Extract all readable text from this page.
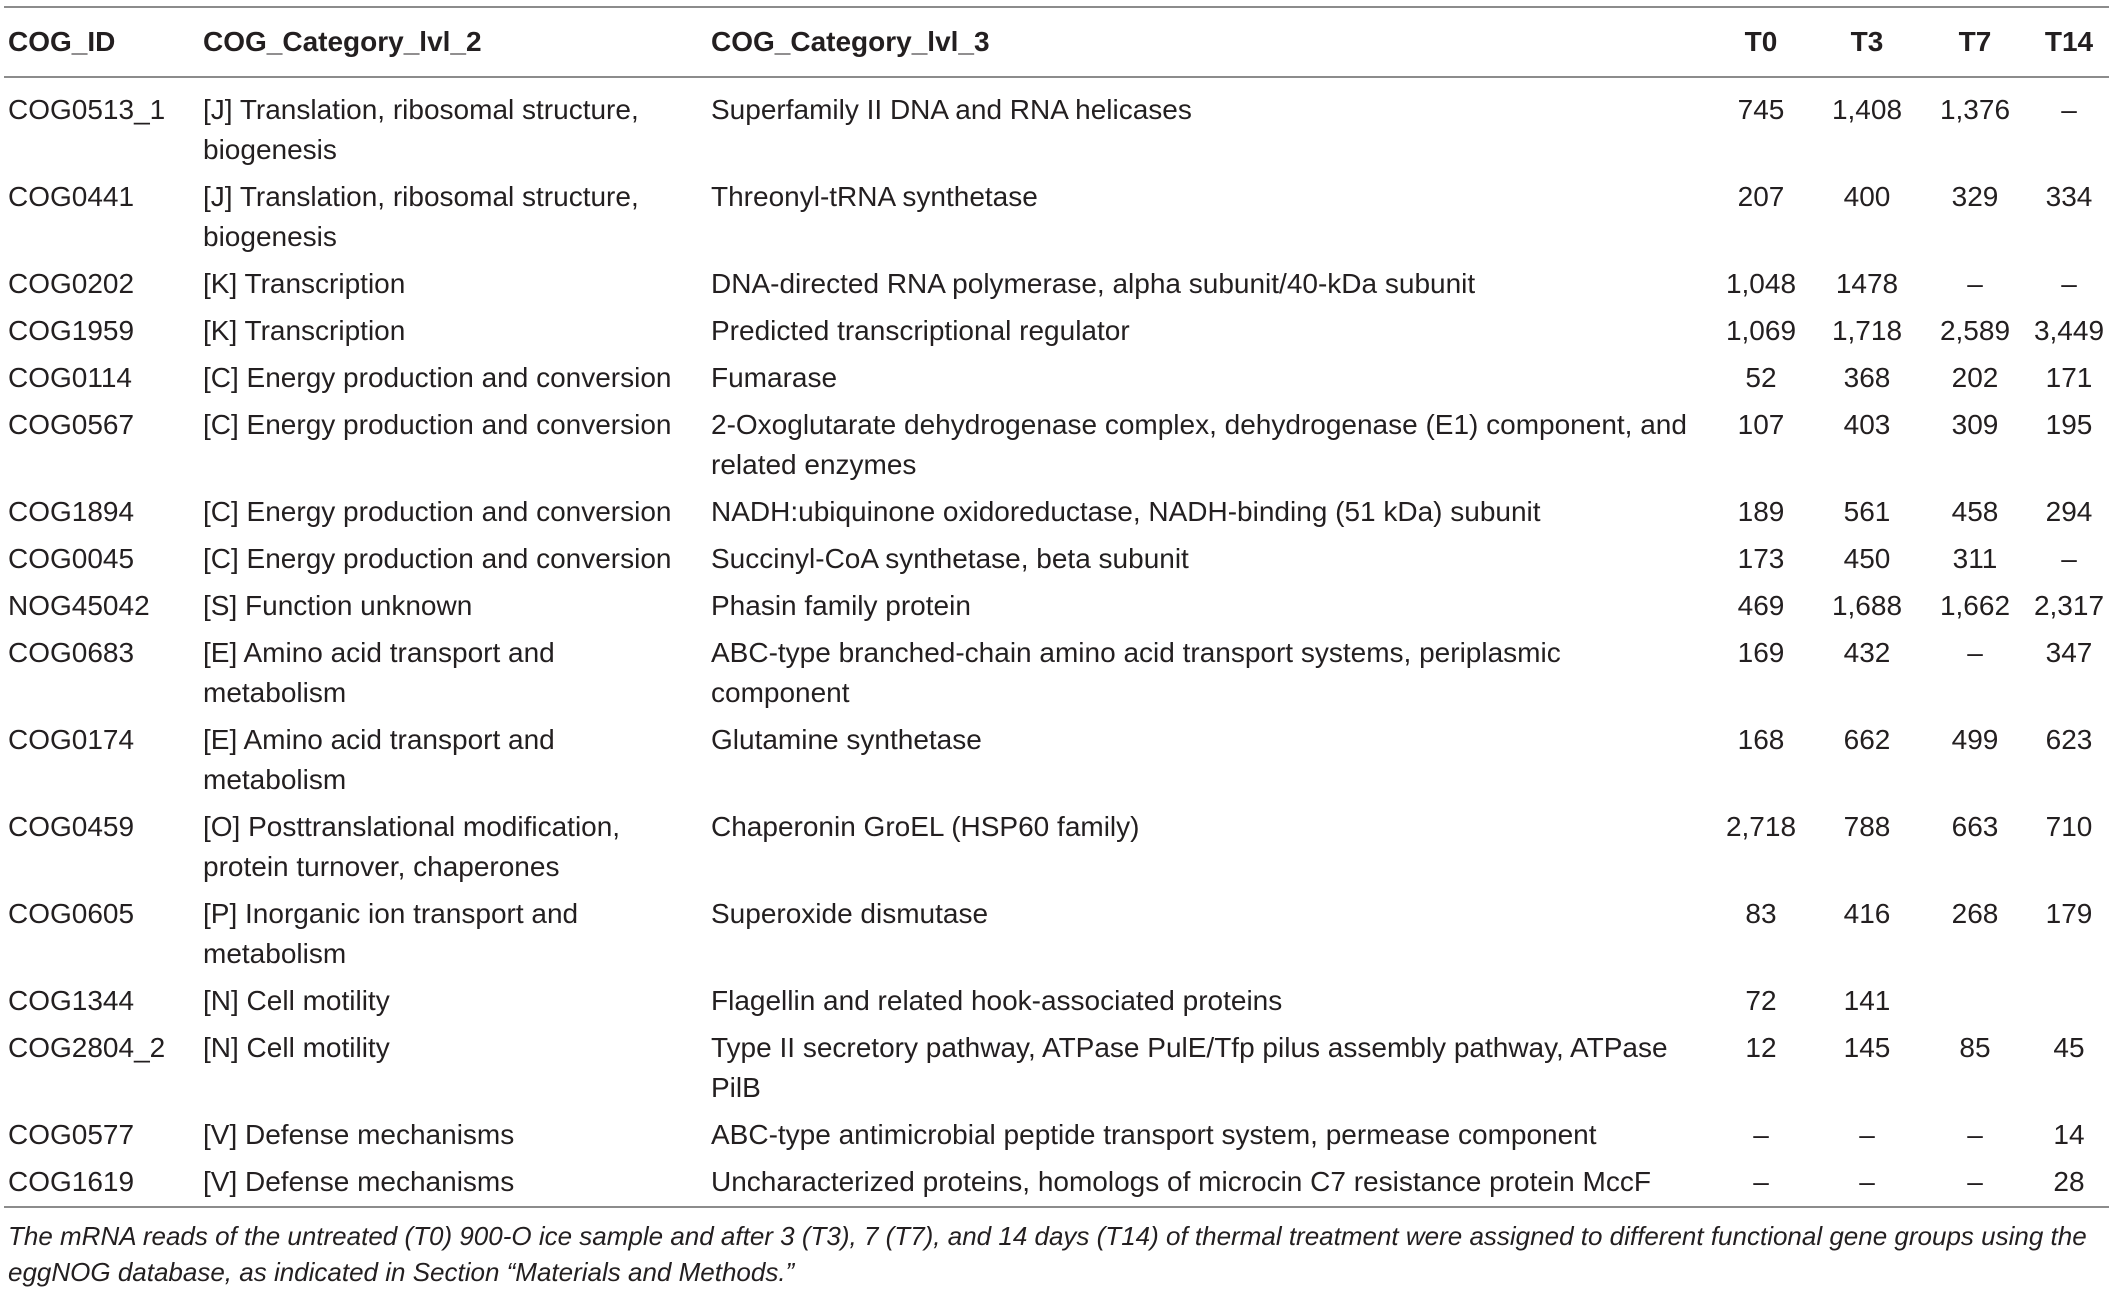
COG_ID	COG_Category_lvl_2	COG_Category_lvl_3	T0	T3	T7	T14
COG0513_1	[J] Translation, ribosomal structure, biogenesis	Superfamily II DNA and RNA helicases	745	1,408	1,376	–
COG0441	[J] Translation, ribosomal structure, biogenesis	Threonyl-tRNA synthetase	207	400	329	334
COG0202	[K] Transcription	DNA-directed RNA polymerase, alpha subunit/40-kDa subunit	1,048	1478	–	–
COG1959	[K] Transcription	Predicted transcriptional regulator	1,069	1,718	2,589	3,449
COG0114	[C] Energy production and conversion	Fumarase	52	368	202	171
COG0567	[C] Energy production and conversion	2-Oxoglutarate dehydrogenase complex, dehydrogenase (E1) component, and related enzymes	107	403	309	195
COG1894	[C] Energy production and conversion	NADH:ubiquinone oxidoreductase, NADH-binding (51 kDa) subunit	189	561	458	294
COG0045	[C] Energy production and conversion	Succinyl-CoA synthetase, beta subunit	173	450	311	–
NOG45042	[S] Function unknown	Phasin family protein	469	1,688	1,662	2,317
COG0683	[E] Amino acid transport and metabolism	ABC-type branched-chain amino acid transport systems, periplasmic component	169	432	–	347
COG0174	[E] Amino acid transport and metabolism	Glutamine synthetase	168	662	499	623
COG0459	[O] Posttranslational modification, protein turnover, chaperones	Chaperonin GroEL (HSP60 family)	2,718	788	663	710
COG0605	[P] Inorganic ion transport and metabolism	Superoxide dismutase	83	416	268	179
COG1344	[N] Cell motility	Flagellin and related hook-associated proteins	72	141		
COG2804_2	[N] Cell motility	Type II secretory pathway, ATPase PulE/Tfp pilus assembly pathway, ATPase PilB	12	145	85	45
COG0577	[V] Defense mechanisms	ABC-type antimicrobial peptide transport system, permease component	–	–	–	14
COG1619	[V] Defense mechanisms	Uncharacterized proteins, homologs of microcin C7 resistance protein MccF	–	–	–	28
The mRNA reads of the untreated (T0) 900-O ice sample and after 3 (T3), 7 (T7), and 14 days (T14) of thermal treatment were assigned to different functional gene groups using the eggNOG database, as indicated in Section “Materials and Methods.”						
